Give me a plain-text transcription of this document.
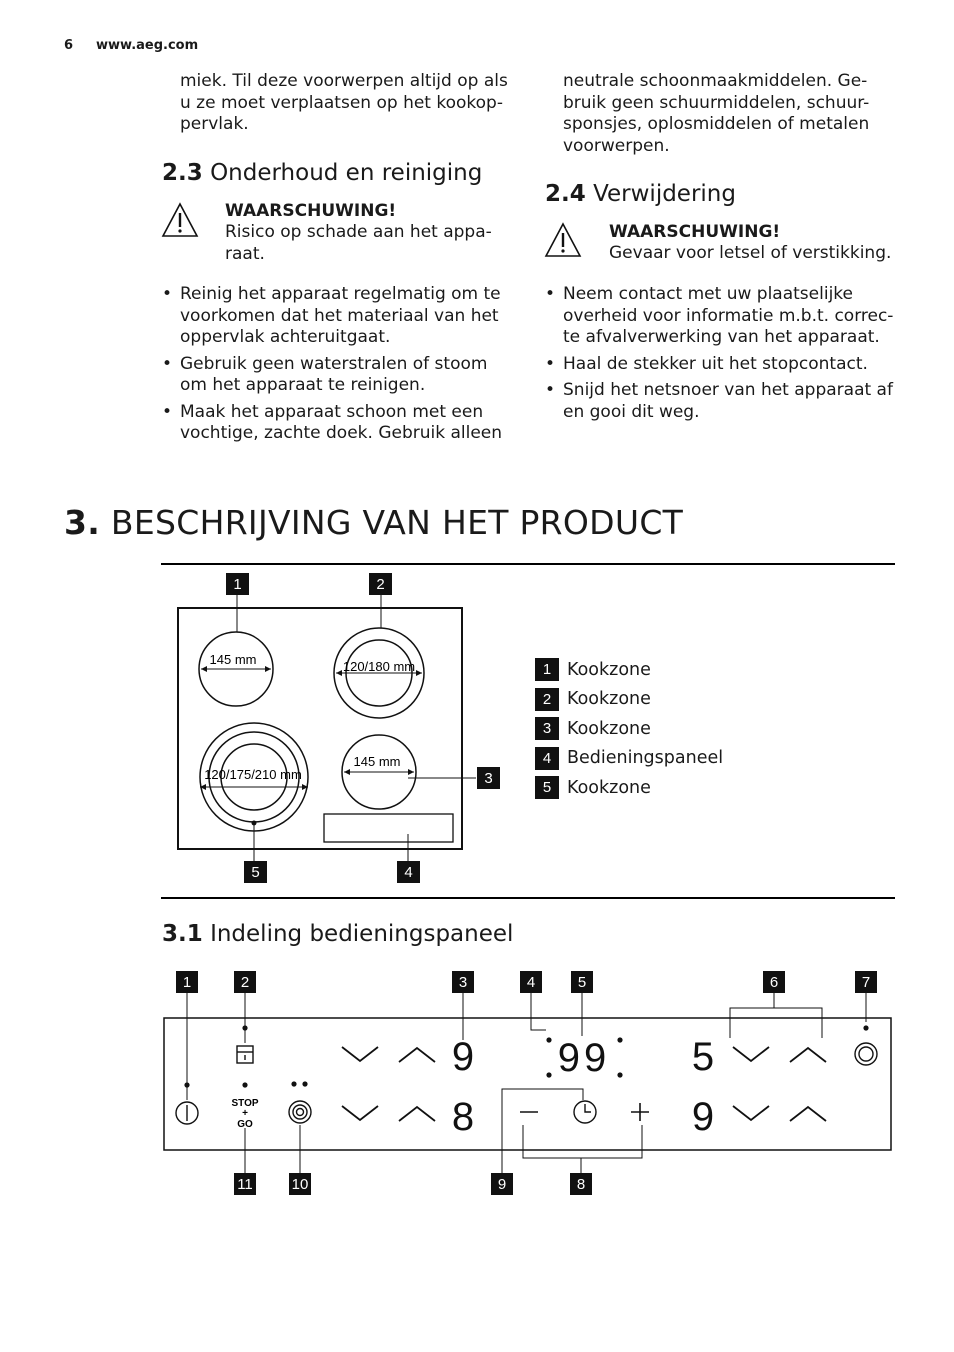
6 www.aeg.com

miek. Til deze voorwerpen altijd op als

u ze moet verplaatsen op het kookop-

pervlak.

2.3 Onderhoud en reiniging
WAARSCHUWING!

Risico op schade aan het appa-

raat.

• Reinig het apparaat regelmatig om te voorkomen dat het materiaal van het oppervlak achteruitgaat.
• Gebruik geen waterstralen of stoom om het apparaat te reinigen.
• Maak het apparaat schoon met een vochtige, zachte doek. Gebruik alleen

neutrale schoonmaakmiddelen. Ge-

bruik geen schuurmiddelen, schuur-

sponsjes, oplosmiddelen of metalen

voorwerpen.

2.4 Verwijdering
WAARSCHUWING!

Gevaar voor letsel of verstikking.

• Neem contact met uw plaatselijke overheid voor informatie m.b.t. correc-te afvalverwerking van het apparaat.
• Haal de stekker uit het stopcontact.
• Snijd het netsnoer van het apparaat af en gooi dit weg.
3. BESCHRIJVING VAN HET PRODUCT
145 mm	120/180 mm
120/175/210 mm
145 mm
1	2
3
4
5
1 Kookzone
2 Kookzone
3 Kookzone
4 Bedieningspaneel
5 Kookzone
3.1 Indeling bedieningspaneel
1	2	3	4	5	6	7
11	10	9	8
STOP
+
GO
9
8
99 5
9
